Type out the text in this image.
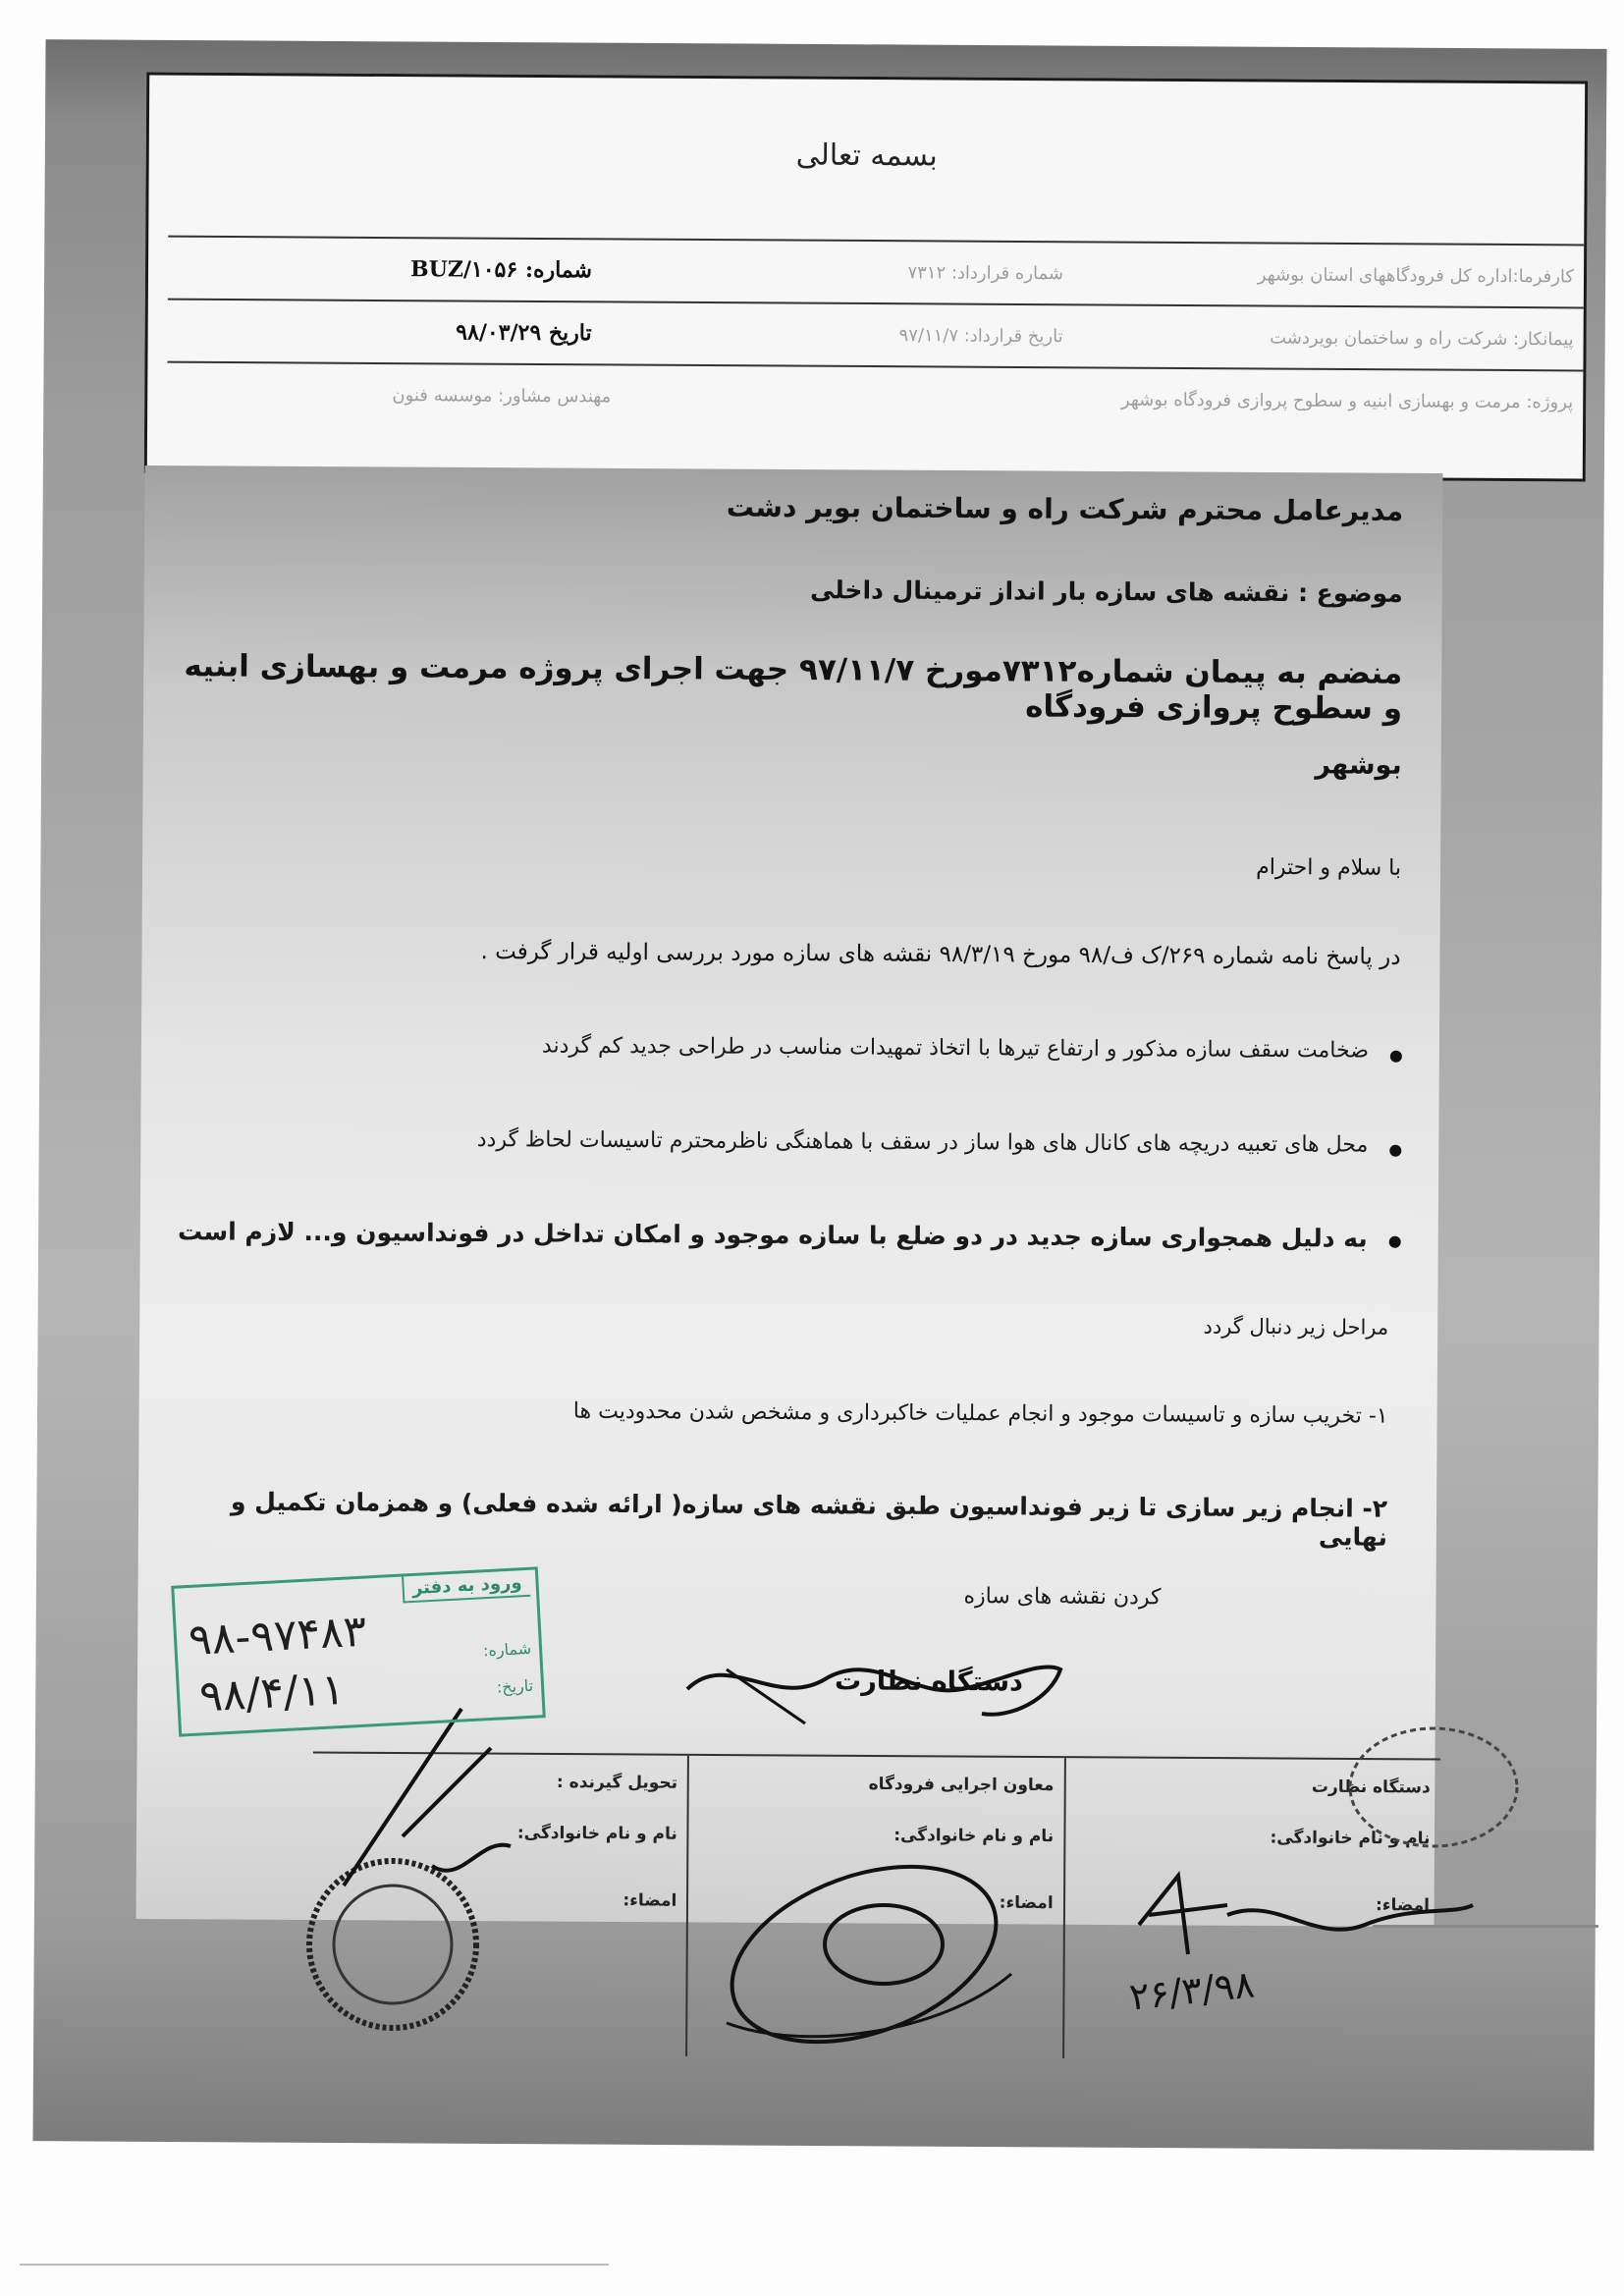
بسمه تعالی
کارفرما:اداره کل فرودگاههای استان بوشهر
شماره قرارداد: ۷۳۱۲
شماره: BUZ/۱۰۵۶
پیمانکار: شرکت راه و ساختمان بویردشت
تاریخ قرارداد: ۹۷/۱۱/۷
تاریخ ۹۸/۰۳/۲۹
پروژه: مرمت و بهسازی ابنیه و سطوح پروازی فرودگاه بوشهر
مهندس مشاور: موسسه فنون

مدیرعامل محترم شرکت راه و ساختمان بویر دشت

موضوع : نقشه های سازه بار انداز ترمینال داخلی

منضم به پیمان شماره۷۳۱۲مورخ ۹۷/۱۱/۷ جهت اجرای پروژه مرمت و بهسازی ابنیه و سطوح پروازی فرودگاه

بوشهر

با سلام و احترام

در پاسخ نامه شماره ۲۶۹/ک ف/۹۸ مورخ ۹۸/۳/۱۹ نقشه های سازه مورد بررسی اولیه قرار گرفت .

ضخامت سقف سازه مذکور و ارتفاع تیرها با اتخاذ تمهیدات مناسب در طراحی جدید کم گردند
محل های تعبیه دریچه های کانال های هوا ساز در سقف با هماهنگی ناظرمحترم تاسیسات لحاظ گردد
به دلیل همجواری سازه جدید در دو ضلع با سازه موجود و امکان تداخل در فونداسیون و... لازم است
مراحل زیر دنبال گردد
۱- تخریب سازه و تاسیسات موجود و انجام عملیات خاکبرداری و مشخص شدن محدودیت ها
۲- انجام زیر سازی تا زیر فونداسیون طبق نقشه های سازه( ارائه شده فعلی) و همزمان تکمیل و نهایی
کردن نقشه های سازه
دستگاه نظارت
دستگاه نظارت
نام و نام خانوادگی:
امضاء:
معاون اجرایی فرودگاه
نام و نام خانوادگی:
امضاء:
تحویل گیرنده :
نام و نام خانوادگی:
امضاء:
۲۶/۳/۹۸
ورود به دفتر
۹۸-۹۷۴۸۳	شماره:
۹۸/۴/۱۱	تاریخ:
